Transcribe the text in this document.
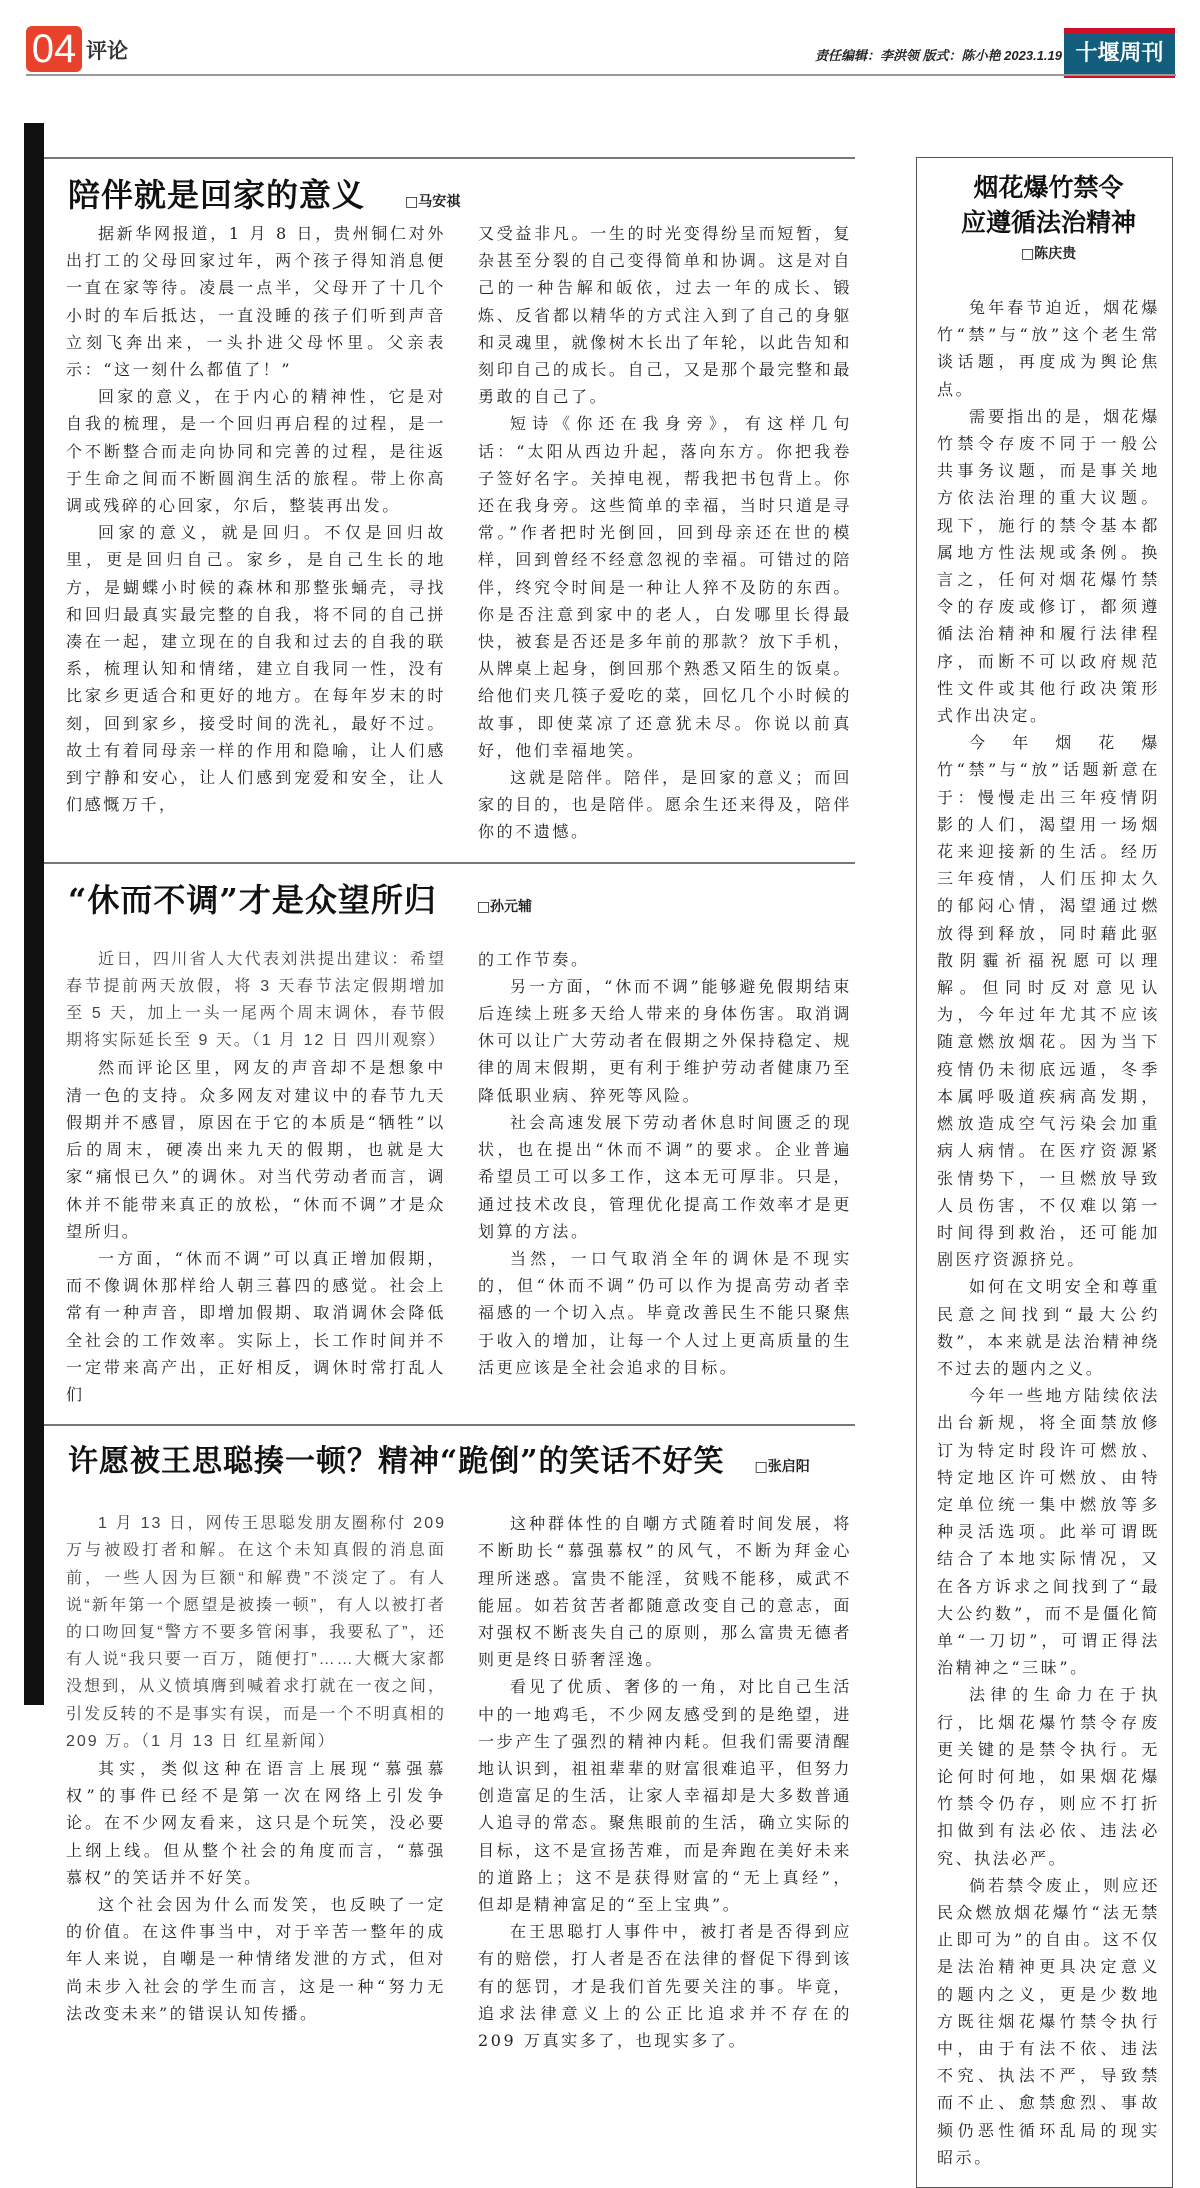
04 评论	责任编辑：李洪领 版式：陈小艳 2023.1.19 十堰周刊
陪伴就是回家的意义	□马安祺

据新华网报道，1 月 8 日，贵州铜仁对外出打工的父母回家过年，两个孩子得知消息便一直在家等待。凌晨一点半，父母开了十几个小时的车后抵达，一直没睡的孩子们听到声音立刻飞奔出来，一头扑进父母怀里。父亲表示：“这一刻什么都值了！”

回家的意义，在于内心的精神性，它是对自我的梳理，是一个回归再启程的过程，是一个不断整合而走向协同和完善的过程，是往返于生命之间而不断圆润生活的旅程。带上你高调或残碎的心回家，尔后，整装再出发。

回家的意义，就是回归。不仅是回归故里，更是回归自己。家乡，是自己生长的地方，是蝴蝶小时候的森林和那整张蛹壳，寻找和回归最真实最完整的自我，将不同的自己拼凑在一起，建立现在的自我和过去的自我的联系，梳理认知和情绪，建立自我同一性，没有比家乡更适合和更好的地方。在每年岁末的时刻，回到家乡，接受时间的洗礼，最好不过。故土有着同母亲一样的作用和隐喻，让人们感到宁静和安心，让人们感到宠爱和安全，让人们感慨万千，

又受益非凡。一生的时光变得纷呈而短暂，复杂甚至分裂的自己变得简单和协调。这是对自己的一种告解和皈依，过去一年的成长、锻炼、反省都以精华的方式注入到了自己的身躯和灵魂里，就像树木长出了年轮，以此告知和刻印自己的成长。自己，又是那个最完整和最勇敢的自己了。

短诗《你还在我身旁》，有这样几句话：“太阳从西边升起，落向东方。你把我卷子签好名字。关掉电视，帮我把书包背上。你还在我身旁。这些简单的幸福，当时只道是寻常。”作者把时光倒回，回到母亲还在世的模样，回到曾经不经意忽视的幸福。可错过的陪伴，终究令时间是一种让人猝不及防的东西。你是否注意到家中的老人，白发哪里长得最快，被套是否还是多年前的那款？放下手机，从牌桌上起身，倒回那个熟悉又陌生的饭桌。给他们夹几筷子爱吃的菜，回忆几个小时候的故事，即使菜凉了还意犹未尽。你说以前真好，他们幸福地笑。

这就是陪伴。陪伴，是回家的意义；而回家的目的，也是陪伴。愿余生还来得及，陪伴你的不遗憾。

“休而不调”才是众望所归	□孙元辅

近日，四川省人大代表刘洪提出建议：希望春节提前两天放假，将 3 天春节法定假期增加至 5 天，加上一头一尾两个周末调休，春节假期将实际延长至 9 天。（1 月 12 日 四川观察）

然而评论区里，网友的声音却不是想象中清一色的支持。众多网友对建议中的春节九天假期并不感冒，原因在于它的本质是“牺牲”以后的周末，硬凑出来九天的假期，也就是大家“痛恨已久”的调休。对当代劳动者而言，调休并不能带来真正的放松，“休而不调”才是众望所归。

一方面，“休而不调”可以真正增加假期，而不像调休那样给人朝三暮四的感觉。社会上常有一种声音，即增加假期、取消调休会降低全社会的工作效率。实际上，长工作时间并不一定带来高产出，正好相反，调休时常打乱人们

的工作节奏。

另一方面，“休而不调”能够避免假期结束后连续上班多天给人带来的身体伤害。取消调休可以让广大劳动者在假期之外保持稳定、规律的周末假期，更有利于维护劳动者健康乃至降低职业病、猝死等风险。

社会高速发展下劳动者休息时间匮乏的现状，也在提出“休而不调”的要求。企业普遍希望员工可以多工作，这本无可厚非。只是，通过技术改良，管理优化提高工作效率才是更划算的方法。

当然，一口气取消全年的调休是不现实的，但“休而不调”仍可以作为提高劳动者幸福感的一个切入点。毕竟改善民生不能只聚焦于收入的增加，让每一个人过上更高质量的生活更应该是全社会追求的目标。

许愿被王思聪揍一顿？精神“跪倒”的笑话不好笑 □张启阳

1 月 13 日，网传王思聪发朋友圈称付 209 万与被殴打者和解。在这个未知真假的消息面前，一些人因为巨额“和解费”不淡定了。有人说“新年第一个愿望是被揍一顿”，有人以被打者的口吻回复“警方不要多管闲事，我要私了”，还有人说“我只要一百万，随便打”……大概大家都没想到，从义愤填膺到喊着求打就在一夜之间，引发反转的不是事实有误，而是一个不明真相的 209 万。（1 月 13 日 红星新闻）

其实，类似这种在语言上展现“慕强慕权”的事件已经不是第一次在网络上引发争论。在不少网友看来，这只是个玩笑，没必要上纲上线。但从整个社会的角度而言，“慕强慕权”的笑话并不好笑。

这个社会因为什么而发笑，也反映了一定的价值。在这件事当中，对于辛苦一整年的成年人来说，自嘲是一种情绪发泄的方式，但对尚未步入社会的学生而言，这是一种“努力无法改变未来”的错误认知传播。

这种群体性的自嘲方式随着时间发展，将不断助长“慕强慕权”的风气，不断为拜金心理所迷惑。富贵不能淫，贫贱不能移，威武不能屈。如若贫苦者都随意改变自己的意志，面对强权不断丧失自己的原则，那么富贵无德者则更是终日骄奢淫逸。

看见了优质、奢侈的一角，对比自己生活中的一地鸡毛，不少网友感受到的是绝望，进一步产生了强烈的精神内耗。但我们需要清醒地认识到，祖祖辈辈的财富很难追平，但努力创造富足的生活，让家人幸福却是大多数普通人追寻的常态。聚焦眼前的生活，确立实际的目标，这不是宣扬苦难，而是奔跑在美好未来的道路上；这不是获得财富的“无上真经”，但却是精神富足的“至上宝典”。

在王思聪打人事件中，被打者是否得到应有的赔偿，打人者是否在法律的督促下得到该有的惩罚，才是我们首先要关注的事。毕竟，追求法律意义上的公正比追求并不存在的 209 万真实多了，也现实多了。

烟花爆竹禁令
应遵循法治精神
□陈庆贵

兔年春节迫近，烟花爆竹“禁”与“放”这个老生常谈话题，再度成为舆论焦点。

需要指出的是，烟花爆竹禁令存废不同于一般公共事务议题，而是事关地方依法治理的重大议题。现下，施行的禁令基本都属地方性法规或条例。换言之，任何对烟花爆竹禁令的存废或修订，都须遵循法治精神和履行法律程序，而断不可以政府规范性文件或其他行政决策形式作出决定。

今年烟花爆竹“禁”与“放”话题新意在于：慢慢走出三年疫情阴影的人们，渴望用一场烟花来迎接新的生活。经历三年疫情，人们压抑太久的郁闷心情，渴望通过燃放得到释放，同时藉此驱散阴霾祈福祝愿可以理解。但同时反对意见认为，今年过年尤其不应该随意燃放烟花。因为当下疫情仍未彻底远遁，冬季本属呼吸道疾病高发期，燃放造成空气污染会加重病人病情。在医疗资源紧张情势下，一旦燃放导致人员伤害，不仅难以第一时间得到救治，还可能加剧医疗资源挤兑。

如何在文明安全和尊重民意之间找到“最大公约数”，本来就是法治精神绕不过去的题内之义。

今年一些地方陆续依法出台新规，将全面禁放修订为特定时段许可燃放、特定地区许可燃放、由特定单位统一集中燃放等多种灵活选项。此举可谓既结合了本地实际情况，又在各方诉求之间找到了“最大公约数”，而不是僵化简单“一刀切”，可谓正得法治精神之“三昧”。

法律的生命力在于执行，比烟花爆竹禁令存废更关键的是禁令执行。无论何时何地，如果烟花爆竹禁令仍存，则应不打折扣做到有法必依、违法必究、执法必严。

倘若禁令废止，则应还民众燃放烟花爆竹“法无禁止即可为”的自由。这不仅是法治精神更具决定意义的题内之义，更是少数地方既往烟花爆竹禁令执行中，由于有法不依、违法不究、执法不严，导致禁而不止、愈禁愈烈、事故频仍恶性循环乱局的现实昭示。
